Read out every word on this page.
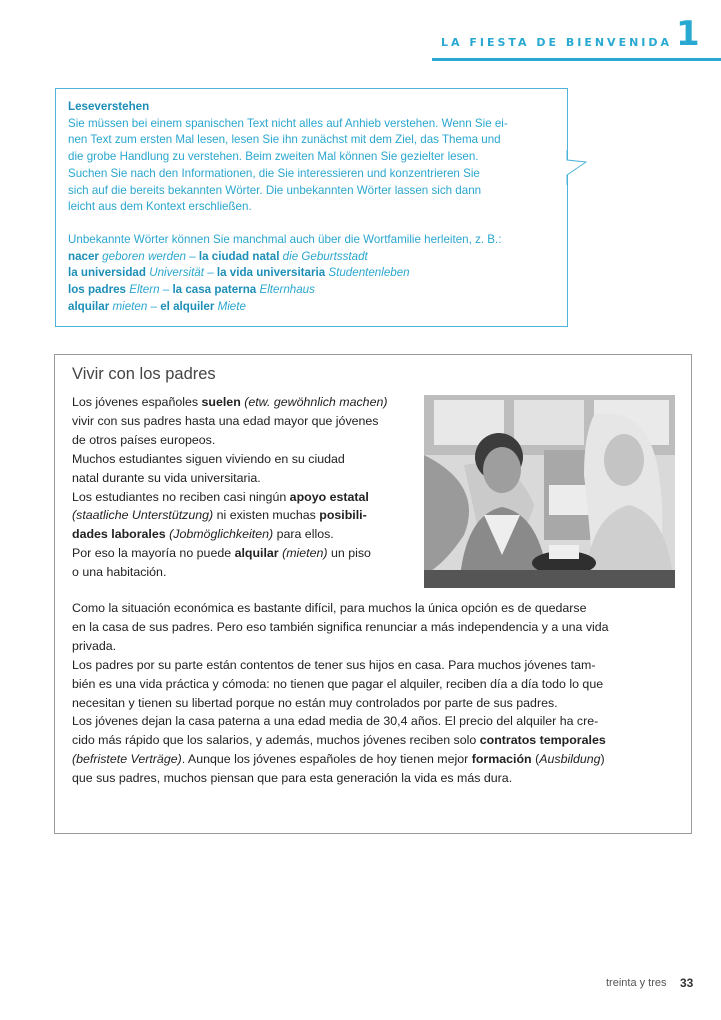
LA FIESTA DE BIENVENIDA 1

Leseverstehen

Sie müssen bei einem spanischen Text nicht alles auf Anhieb verstehen. Wenn Sie ei-

nen Text zum ersten Mal lesen, lesen Sie ihn zunächst mit dem Ziel, das Thema und

die grobe Handlung zu verstehen. Beim zweiten Mal können Sie gezielter lesen.

Suchen Sie nach den Informationen, die Sie interessieren und konzentrieren Sie

sich auf die bereits bekannten Wörter. Die unbekannten Wörter lassen sich dann

leicht aus dem Kontext erschließen.

Unbekannte Wörter können Sie manchmal auch über die Wortfamilie herleiten, z. B.:

nacer geboren werden – la ciudad natal die Geburtsstadt

la universidad Universität – la vida universitaria Studentenleben

los padres Eltern – la casa paterna Elternhaus

alquilar mieten – el alquiler Miete

Vivir con los padres

Los jóvenes españoles suelen (etw. gewöhnlich machen)

vivir con sus padres hasta una edad mayor que jóvenes

de otros países europeos.

Muchos estudiantes siguen viviendo en su ciudad

natal durante su vida universitaria.

Los estudiantes no reciben casi ningún apoyo estatal

(staatliche Unterstützung) ni existen muchas posibili-

dades laborales (Jobmöglichkeiten) para ellos.

Por eso la mayoría no puede alquilar (mieten) un piso

o una habitación.

Como la situación económica es bastante difícil, para muchos la única opción es de quedarse

en la casa de sus padres. Pero eso también significa renunciar a más independencia y a una vida

privada.

Los padres por su parte están contentos de tener sus hijos en casa. Para muchos jóvenes tam-

bién es una vida práctica y cómoda: no tienen que pagar el alquiler, reciben día a día todo lo que

necesitan y tienen su libertad porque no están muy controlados por parte de sus padres.

Los jóvenes dejan la casa paterna a una edad media de 30,4 años. El precio del alquiler ha cre-

cido más rápido que los salarios, y además, muchos jóvenes reciben solo contratos temporales

(befristete Verträge). Aunque los jóvenes españoles de hoy tienen mejor formación (Ausbildung)

que sus padres, muchos piensan que para esta generación la vida es más dura.

treinta y tres 33
